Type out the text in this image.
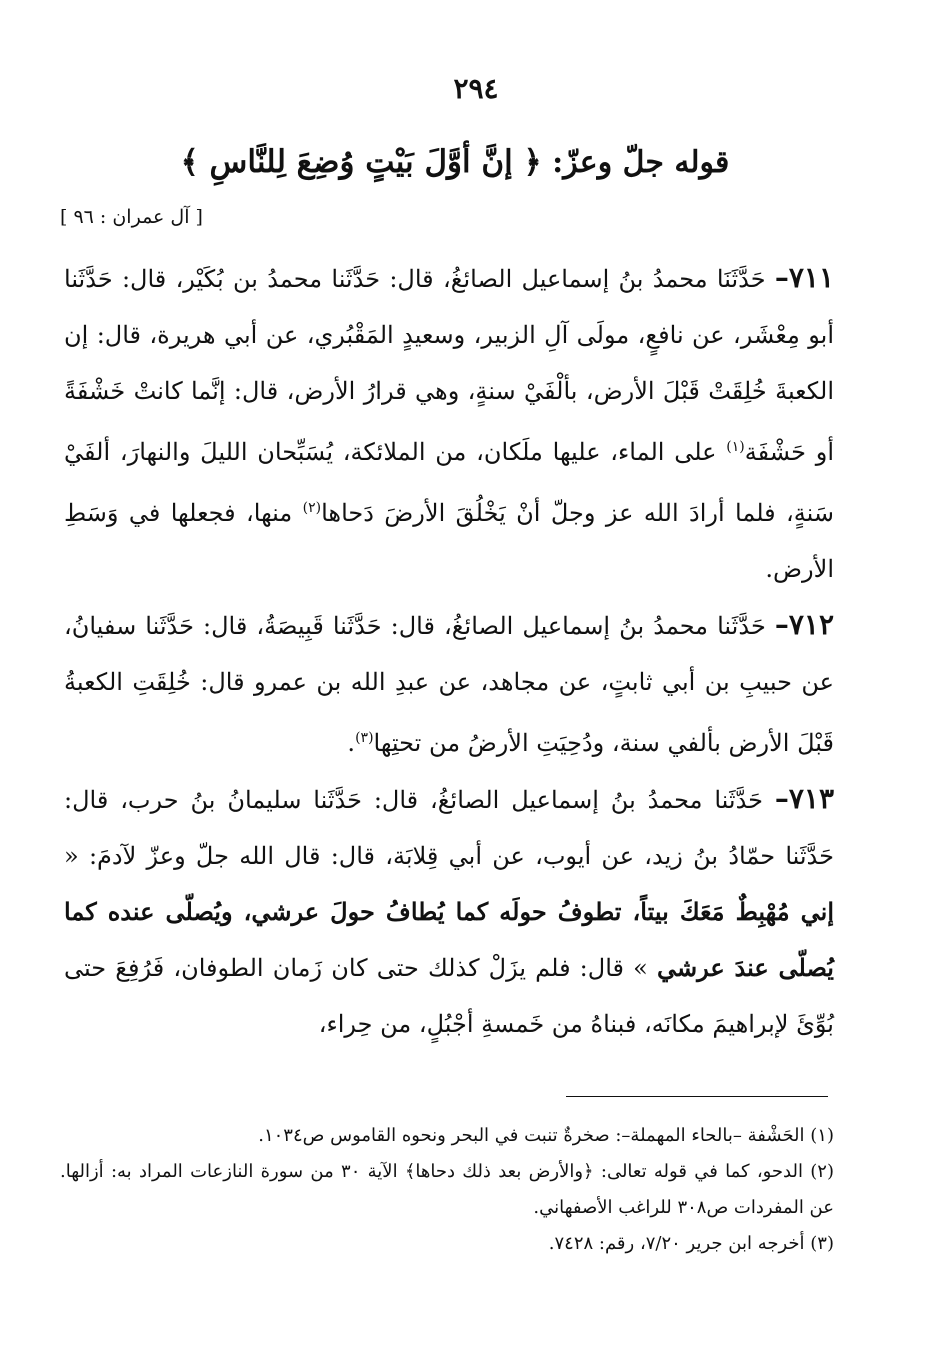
٢٩٤
قوله جلّ وعزّ: ﴿ إنَّ أوَّلَ بَيْتٍ وُضِعَ لِلنَّاسِ ﴾
[ آل عمران : ٩٦ ]

٧١١– حَدَّثَنَا محمدُ بنُ إسماعيل الصائغُ، قال: حَدَّثَنا محمدُ بن بُكَيْر، قال: حَدَّثَنا أبو مِعْشَر، عن نافعٍ، مولَى آلِ الزبير، وسعيدٍ المَقْبُري، عن أبي هريرة، قال: إن الكعبةَ خُلِقَتْ قَبْلَ الأرض، بألْفَيْ سنةٍ، وهي قرارُ الأرض، قال: إنَّما كانتْ خَشْفَةً أو حَشْفَة$^{(١)}$ على الماء، عليها ملَكان، من الملائكة، يُسَبِّحان الليلَ والنهارَ، ألفَيْ سَنةٍ، فلما أرادَ الله عز وجلّ أنْ يَخْلُقَ الأرضَ دَحاها$^{(٢)}$ منها، فجعلها في وَسَطِ الأرض.

٧١٢– حَدَّثَنا محمدُ بنُ إسماعيل الصائغُ، قال: حَدَّثَنا قَبِيصَةُ، قال: حَدَّثَنا سفيانُ، عن حبيبِ بن أبي ثابتٍ، عن مجاهد، عن عبدِ الله بن عمرو قال: خُلِقَتِ الكعبةُ قَبْلَ الأرض بألفي سنة، ودُحِيَتِ الأرضُ من تحتِها$^{(٣)}$.

٧١٣– حَدَّثَنا محمدُ بنُ إسماعيل الصائغُ، قال: حَدَّثَنا سليمانُ بنُ حرب، قال: حَدَّثَنا حمّادُ بنُ زيد، عن أيوب، عن أبي قِلابَة، قال: قال الله جلّ وعزّ لآدمَ: « إني مُهْبِطٌ مَعَكَ بيتاً، تطوفُ حولَه كما يُطافُ حولَ عرشي، ويُصلّى عنده كما يُصلّى عندَ عرشي » قال: فلم يزَلْ كذلك حتى كان زَمان الطوفان، فَرُفِعَ حتى بُوِّئَ لإبراهيمَ مكانَه، فبناهُ من خَمسةِ أجْبُلٍ، من حِراء،

(١) الحَشْفة –بالحاء المهملة–: صخرةٌ تنبت في البحر ونحوه القاموس ص١٠٣٤.

(٢) الدحو، كما في قوله تعالى: ﴿والأرض بعد ذلك دحاها﴾ الآية ٣٠ من سورة النازعات المراد به: أزالها. عن المفردات ص٣٠٨ للراغب الأصفهاني.

(٣) أخرجه ابن جرير ٧/٢٠، رقم: ٧٤٢٨.
